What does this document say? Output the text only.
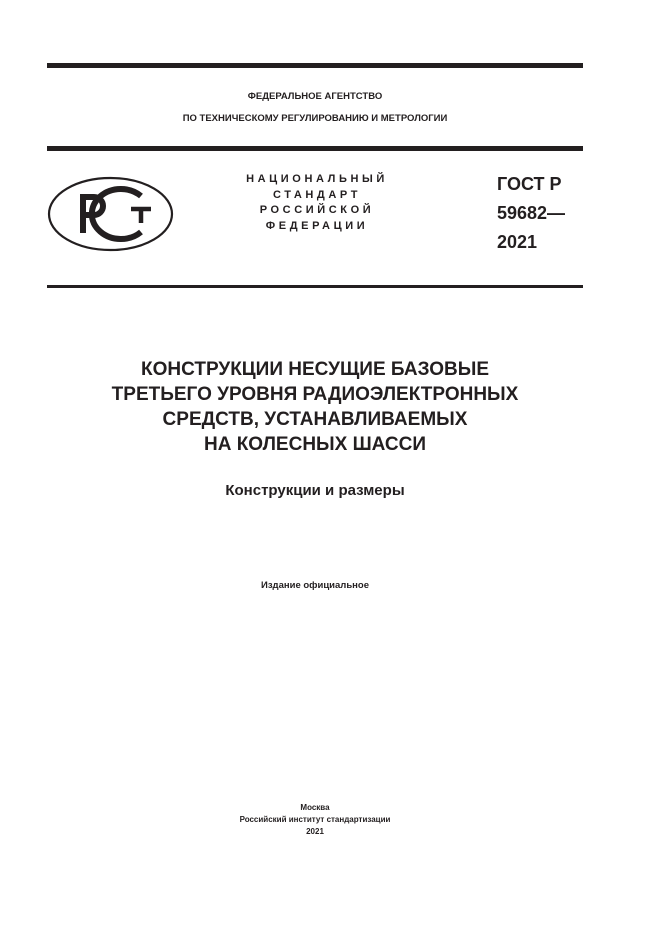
ФЕДЕРАЛЬНОЕ АГЕНТСТВО
ПО ТЕХНИЧЕСКОМУ РЕГУЛИРОВАНИЮ И МЕТРОЛОГИИ
НАЦИОНАЛЬНЫЙ
СТАНДАРТ
РОССИЙСКОЙ
ФЕДЕРАЦИИ
ГОСТ Р
59682—
2021
КОНСТРУКЦИИ НЕСУЩИЕ БАЗОВЫЕ
ТРЕТЬЕГО УРОВНЯ РАДИОЭЛЕКТРОННЫХ
СРЕДСТВ, УСТАНАВЛИВАЕМЫХ
НА КОЛЕСНЫХ ШАССИ
Конструкции и размеры
Издание официальное
Москва
Российский институт стандартизации
2021
